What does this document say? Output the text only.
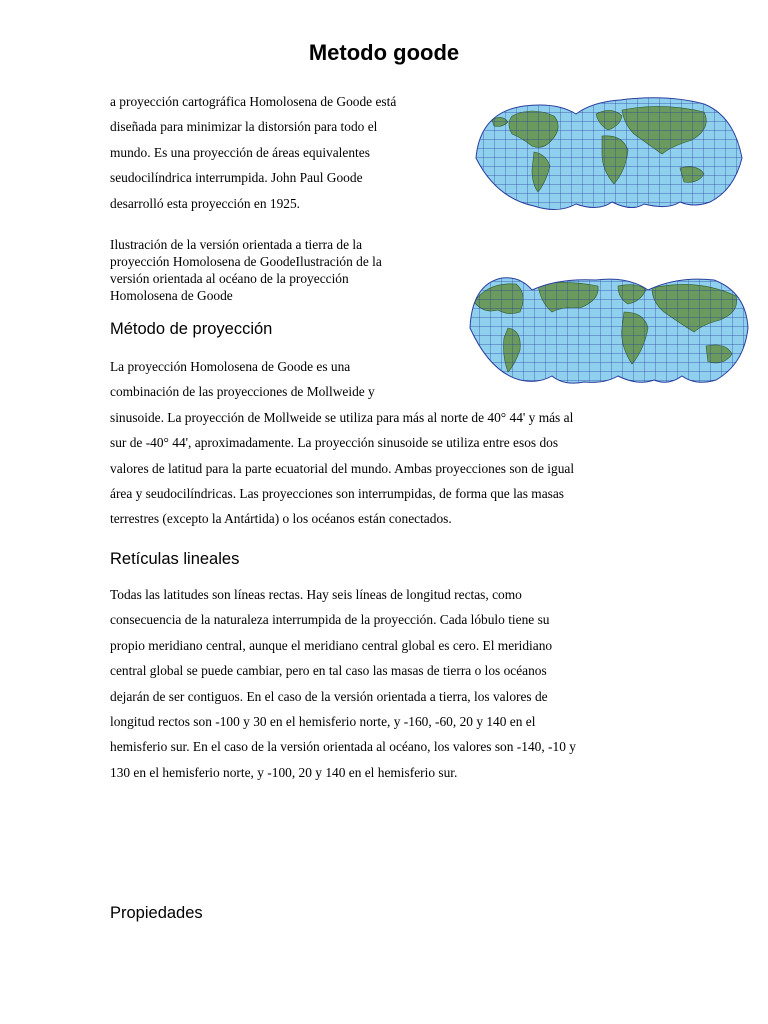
Metodo goode

a proyección cartográfica Homolosena de Goode está
diseñada para minimizar la distorsión para todo el
mundo. Es una proyección de áreas equivalentes
seudocilíndrica interrumpida. John Paul Goode
desarrolló esta proyección en 1925.

Ilustración de la versión orientada a tierra de la
proyección Homolosena de GoodeIlustración de la
versión orientada al océano de la proyección
Homolosena de Goode

Método de proyección

La proyección Homolosena de Goode es una
combinación de las proyecciones de Mollweide y
sinusoide. La proyección de Mollweide se utiliza para más al norte de 40° 44' y más al
sur de -40° 44', aproximadamente. La proyección sinusoide se utiliza entre esos dos
valores de latitud para la parte ecuatorial del mundo. Ambas proyecciones son de igual
área y seudocilíndricas. Las proyecciones son interrumpidas, de forma que las masas
terrestres (excepto la Antártida) o los océanos están conectados.

Retículas lineales

Todas las latitudes son líneas rectas. Hay seis líneas de longitud rectas, como
consecuencia de la naturaleza interrumpida de la proyección. Cada lóbulo tiene su
propio meridiano central, aunque el meridiano central global es cero. El meridiano
central global se puede cambiar, pero en tal caso las masas de tierra o los océanos
dejarán de ser contiguos. En el caso de la versión orientada a tierra, los valores de
longitud rectos son -100 y 30 en el hemisferio norte, y -160, -60, 20 y 140 en el
hemisferio sur. En el caso de la versión orientada al océano, los valores son -140, -10 y
130 en el hemisferio norte, y -100, 20 y 140 en el hemisferio sur.

Propiedades
